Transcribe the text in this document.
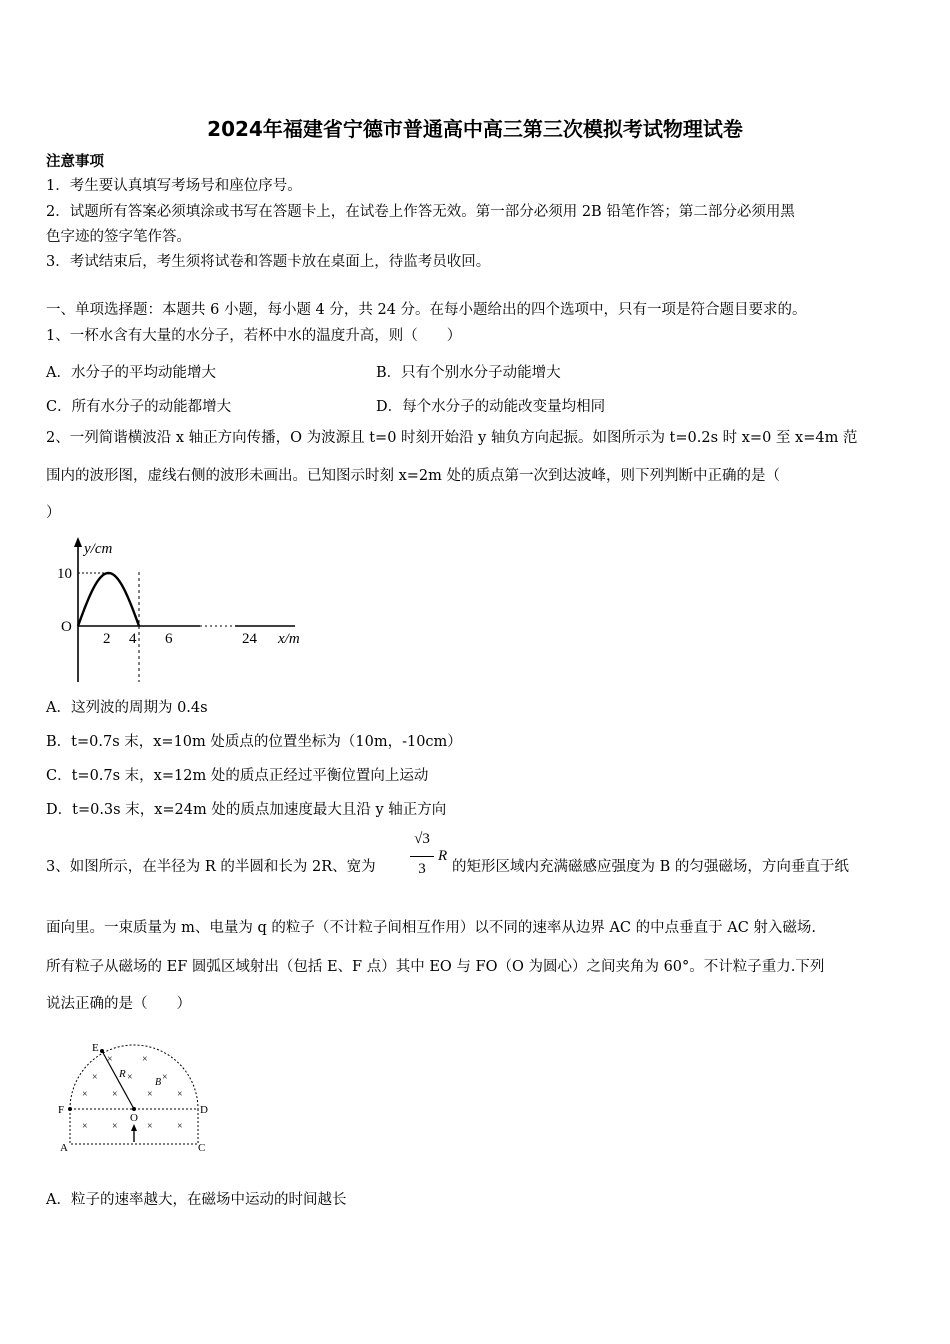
2024年福建省宁德市普通高中高三第三次模拟考试物理试卷
注意事项
1．考生要认真填写考场号和座位序号。
2．试题所有答案必须填涂或书写在答题卡上，在试卷上作答无效。第一部分必须用 2B 铅笔作答；第二部分必须用黑
色字迹的签字笔作答。
3．考试结束后，考生须将试卷和答题卡放在桌面上，待监考员收回。
一、单项选择题：本题共 6 小题，每小题 4 分，共 24 分。在每小题给出的四个选项中，只有一项是符合题目要求的。
1、一杯水含有大量的水分子，若杯中水的温度升高，则（　　）
A．水分子的平均动能增大	B．只有个别水分子动能增大
C．所有水分子的动能都增大	D．每个水分子的动能改变量均相同
2、一列简谐横波沿 x 轴正方向传播，O 为波源且 t=0 时刻开始沿 y 轴负方向起振。如图所示为 t=0.2s 时 x=0 至 x=4m 范
围内的波形图，虚线右侧的波形未画出。已知图示时刻 x=2m 处的质点第一次到达波峰，则下列判断中正确的是（
）
y/cm
10
O
2 4 6	24 x/m
A．这列波的周期为 0.4s
B．t=0.7s 末，x=10m 处质点的位置坐标为（10m，-10cm）
C．t=0.7s 末，x=12m 处的质点正经过平衡位置向上运动
D．t=0.3s 末，x=24m 处的质点加速度最大且沿 y 轴正方向
3、如图所示，在半径为 R 的半圆和长为 2R、宽为
√3
3
R
的矩形区域内充满磁感应强度为 B 的匀强磁场，方向垂直于纸
面向里。一束质量为 m、电量为 q 的粒子（不计粒子间相互作用）以不同的速率从边界 AC 的中点垂直于 AC 射入磁场.
所有粒子从磁场的 EF 圆弧区域射出（包括 E、F 点）其中 EO 与 FO（O 为圆心）之间夹角为 60°。不计粒子重力.下列
说法正确的是（　　）
×	×
×	×	×
× ×	× ×
× ×	× ×
E
F	D
A	C
O
R
B
A．粒子的速率越大，在磁场中运动的时间越长
